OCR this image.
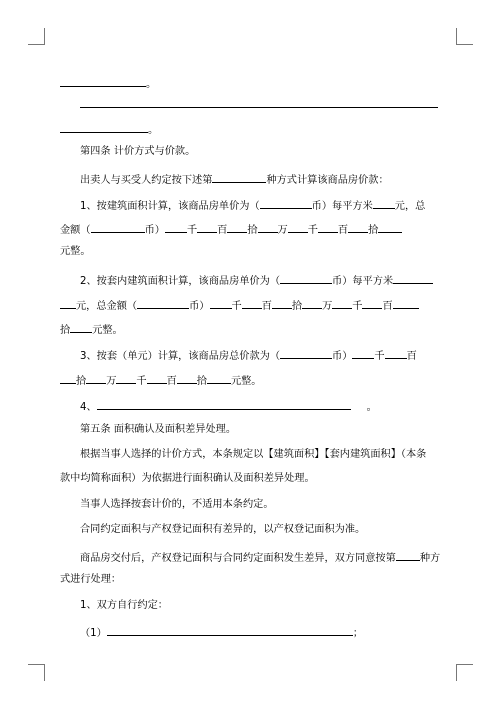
。
。
第四条 计价方式与价款。
出卖人与买受人约定按下述第	种方式计算该商品房价款：
1、按建筑面积计算，该商品房单价为（	币）每平方米 元，总
金额（	币） 千 百 拾 万 千 百 拾
元整。
2、按套内建筑面积计算，该商品房单价为（	币）每平方米
元，总金额（	币） 千 百 拾 万 千 百
拾 元整。
3、按套（单元）计算，该商品房总价款为（	币） 千 百
拾 万 千 百 拾 元整。
4、	。
第五条 面积确认及面积差异处理。
根据当事人选择的计价方式，本条规定以【建筑面积】【套内建筑面积】（本条
款中均简称面积）为依据进行面积确认及面积差异处理。
当事人选择按套计价的，不适用本条约定。
合同约定面积与产权登记面积有差异的，以产权登记面积为准。
商品房交付后，产权登记面积与合同约定面积发生差异，双方同意按第 种方
式进行处理：
1、双方自行约定：
（1）	；
